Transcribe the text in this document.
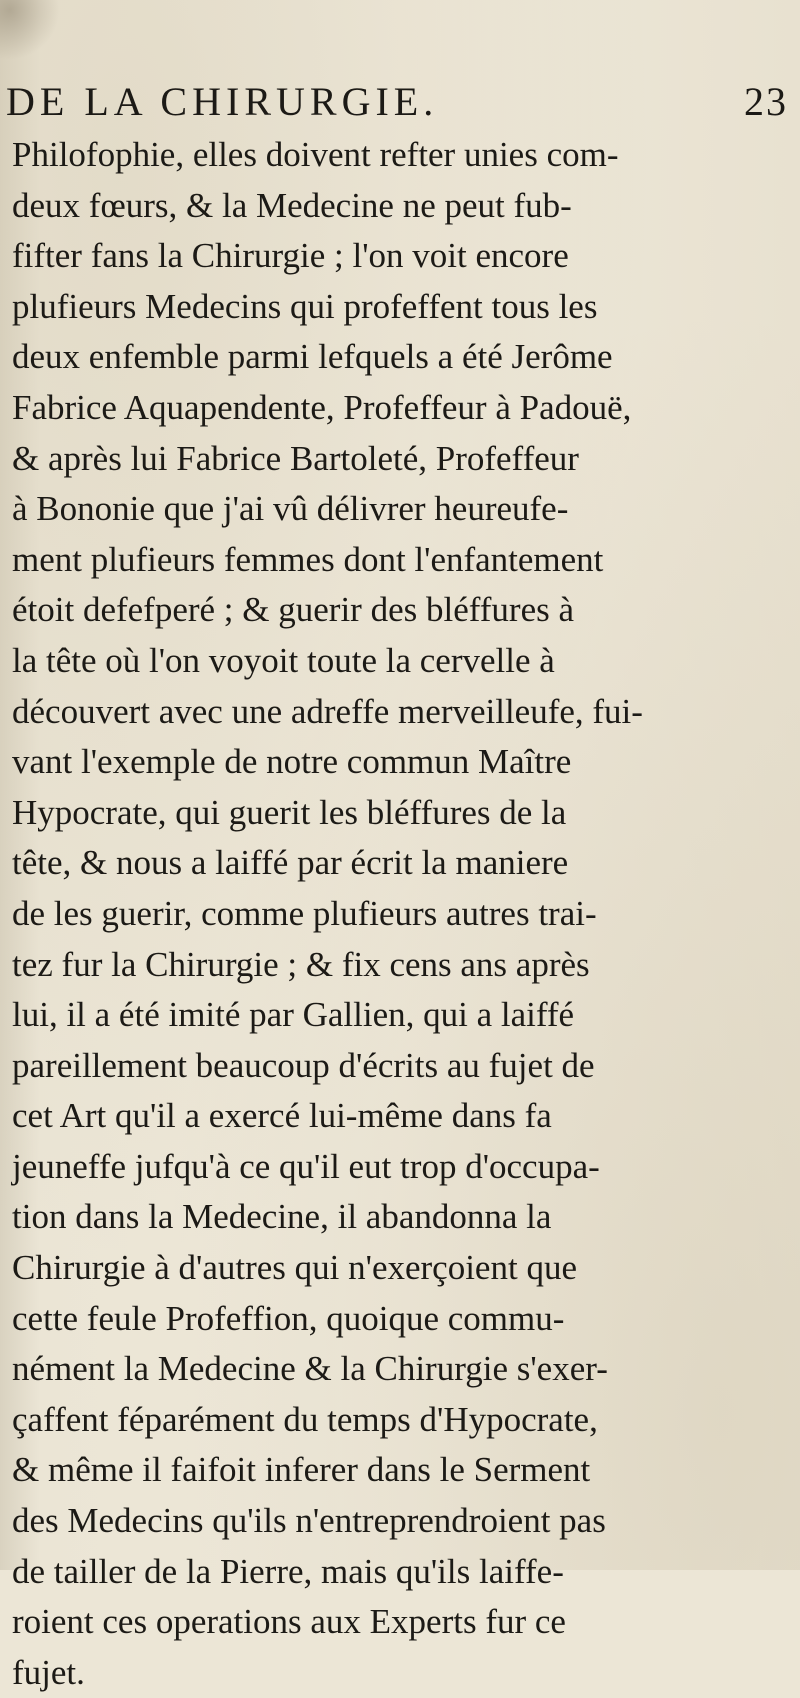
DE LA CHIRURGIE.	23
Philofophie, elles doivent refter unies com-
deux fœurs, & la Medecine ne peut fub-
fifter fans la Chirurgie ; l'on voit encore
plufieurs Medecins qui profeffent tous les
deux enfemble parmi lefquels a été Jerôme
Fabrice Aquapendente, Profeffeur à Padouë,
& après lui Fabrice Bartoleté, Profeffeur
à Bononie que j'ai vû délivrer heureufe-
ment plufieurs femmes dont l'enfantement
étoit defefperé ; & guerir des bléffures à
la tête où l'on voyoit toute la cervelle à
découvert avec une adreffe merveilleufe, fui-
vant l'exemple de notre commun Maître
Hypocrate, qui guerit les bléffures de la
tête, & nous a laiffé par écrit la maniere
de les guerir, comme plufieurs autres trai-
tez fur la Chirurgie ; & fix cens ans après
lui, il a été imité par Gallien, qui a laiffé
pareillement beaucoup d'écrits au fujet de
cet Art qu'il a exercé lui-même dans fa
jeuneffe jufqu'à ce qu'il eut trop d'occupa-
tion dans la Medecine, il abandonna la
Chirurgie à d'autres qui n'exerçoient que
cette feule Profeffion, quoique commu-
nément la Medecine & la Chirurgie s'exer-
çaffent féparément du temps d'Hypocrate,
& même il faifoit inferer dans le Serment
des Medecins qu'ils n'entreprendroient pas
de tailler de la Pierre, mais qu'ils laiffe-
roient ces operations aux Experts fur ce
fujet.
